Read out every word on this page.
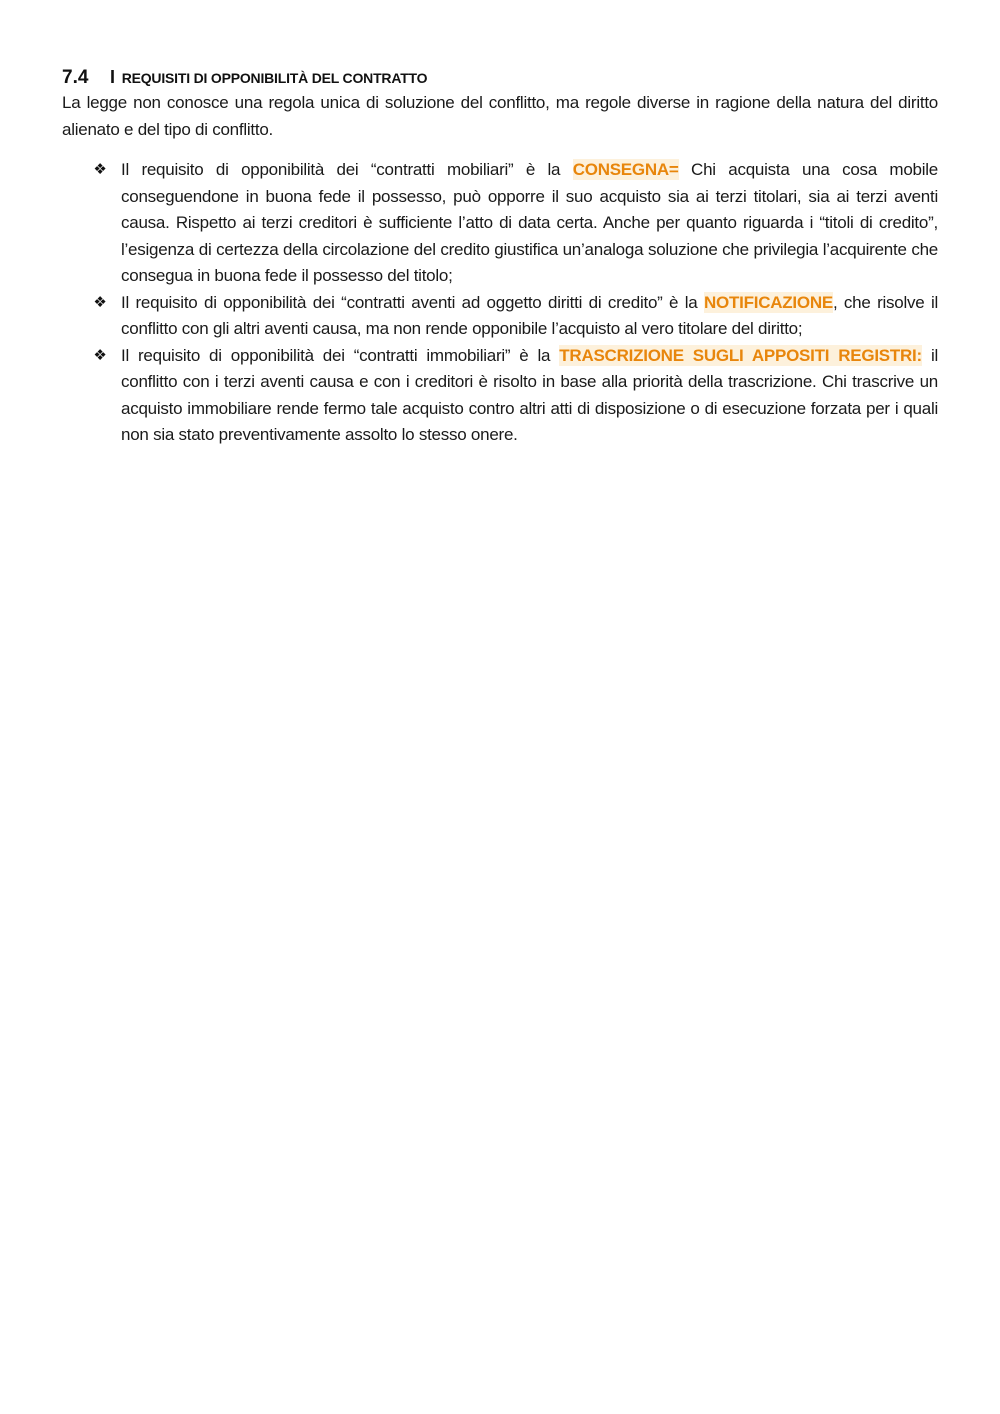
7.4 I REQUISITI DI OPPONIBILITÀ DEL CONTRATTO

La legge non conosce una regola unica di soluzione del conflitto, ma regole diverse in ragione della natura del diritto alienato e del tipo di conflitto.

❖ Il requisito di opponibilità dei “contratti mobiliari” è la CONSEGNA= Chi acquista una cosa mobile conseguendone in buona fede il possesso, può opporre il suo acquisto sia ai terzi titolari, sia ai terzi aventi causa. Rispetto ai terzi creditori è sufficiente l’atto di data certa. Anche per quanto riguarda i “titoli di credito”, l’esigenza di certezza della circolazione del credito giustifica un’analoga soluzione che privilegia l’acquirente che consegua in buona fede il possesso del titolo;
❖ Il requisito di opponibilità dei “contratti aventi ad oggetto diritti di credito” è la NOTIFICAZIONE, che risolve il conflitto con gli altri aventi causa, ma non rende opponibile l’acquisto al vero titolare del diritto;
❖ Il requisito di opponibilità dei “contratti immobiliari” è la TRASCRIZIONE SUGLI APPOSITI REGISTRI: il conflitto con i terzi aventi causa e con i creditori è risolto in base alla priorità della trascrizione. Chi trascrive un acquisto immobiliare rende fermo tale acquisto contro altri atti di disposizione o di esecuzione forzata per i quali non sia stato preventivamente assolto lo stesso onere.
